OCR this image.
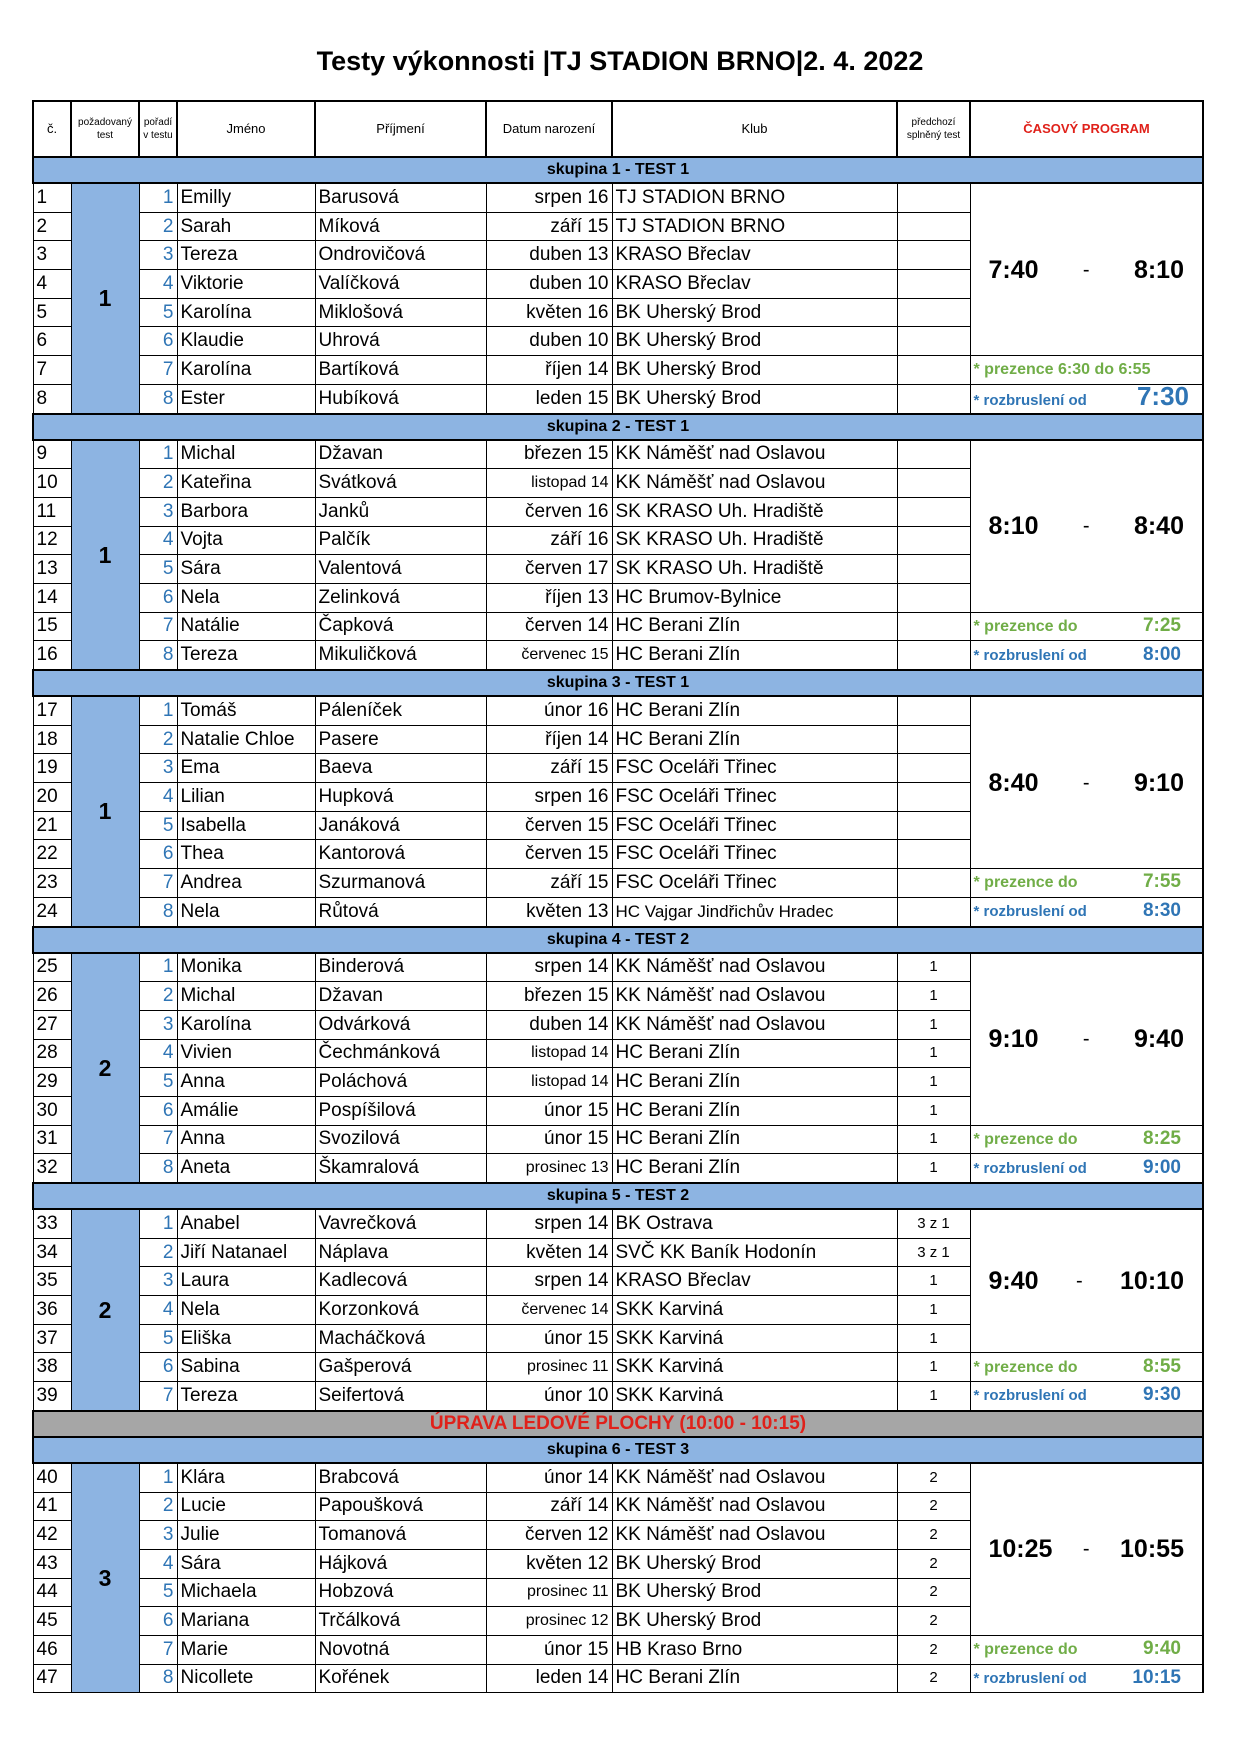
Testy výkonnosti |TJ STADION BRNO|2. 4. 2022
č.	požadovaný test	pořadí v testu	Jméno	Příjmení	Datum narození	Klub	předchozí splněný test	ČASOVÝ PROGRAM
skupina 1 - TEST 1								
1	1	1	Emilly	Barusová	srpen 16	TJ STADION BRNO		7:40 - 8:10

2		2	Sarah	Míková	září 15	TJ STADION BRNO		
3		3	Tereza	Ondrovičová	duben 13	KRASO Břeclav		
4		4	Viktorie	Valíčková	duben 10	KRASO Břeclav		
5		5	Karolína	Miklošová	květen 16	BK Uherský Brod		
6		6	Klaudie	Uhrová	duben 10	BK Uherský Brod		
7		7	Karolína	Bartíková	říjen 14	BK Uherský Brod		* prezence 6:30 do 6:55

8		8	Ester	Hubíková	leden 15	BK Uherský Brod		* rozbruslení od 7:30

skupina 2 - TEST 1								
9	1	1	Michal	Džavan	březen 15	KK Náměšť nad Oslavou		8:10 - 8:40

10		2	Kateřina	Svátková	listopad 14	KK Náměšť nad Oslavou		
11		3	Barbora	Janků	červen 16	SK KRASO Uh. Hradiště		
12		4	Vojta	Palčík	září 16	SK KRASO Uh. Hradiště		
13		5	Sára	Valentová	červen 17	SK KRASO Uh. Hradiště		
14		6	Nela	Zelinková	říjen 13	HC Brumov-Bylnice		
15		7	Natálie	Čapková	červen 14	HC Berani Zlín		* prezence do 7:25

16		8	Tereza	Mikuličková	červenec 15	HC Berani Zlín		* rozbruslení od 8:00

skupina 3 - TEST 1								
17	1	1	Tomáš	Páleníček	únor 16	HC Berani Zlín		8:40 - 9:10

18		2	Natalie Chloe	Pasere	říjen 14	HC Berani Zlín		
19		3	Ema	Baeva	září 15	FSC Oceláři Třinec		
20		4	Lilian	Hupková	srpen 16	FSC Oceláři Třinec		
21		5	Isabella	Janáková	červen 15	FSC Oceláři Třinec		
22		6	Thea	Kantorová	červen 15	FSC Oceláři Třinec		
23		7	Andrea	Szurmanová	září 15	FSC Oceláři Třinec		* prezence do 7:55

24		8	Nela	Růtová	květen 13	HC Vajgar Jindřichův Hradec		* rozbruslení od 8:30

skupina 4 - TEST 2								
25	2	1	Monika	Binderová	srpen 14	KK Náměšť nad Oslavou	1	9:10 - 9:40

26		2	Michal	Džavan	březen 15	KK Náměšť nad Oslavou	1	
27		3	Karolína	Odvárková	duben 14	KK Náměšť nad Oslavou	1	
28		4	Vivien	Čechmánková	listopad 14	HC Berani Zlín	1	
29		5	Anna	Poláchová	listopad 14	HC Berani Zlín	1	
30		6	Amálie	Pospíšilová	únor 15	HC Berani Zlín	1	
31		7	Anna	Svozilová	únor 15	HC Berani Zlín	1	* prezence do 8:25

32		8	Aneta	Škamralová	prosinec 13	HC Berani Zlín	1	* rozbruslení od 9:00

skupina 5 - TEST 2								
33	2	1	Anabel	Vavrečková	srpen 14	BK Ostrava	3 z 1	9:40 - 10:10

34		2	Jiří Natanael	Náplava	květen 14	SVČ KK Baník Hodonín	3 z 1	
35		3	Laura	Kadlecová	srpen 14	KRASO Břeclav	1	
36		4	Nela	Korzonková	červenec 14	SKK Karviná	1	
37		5	Eliška	Macháčková	únor 15	SKK Karviná	1	
38		6	Sabina	Gašperová	prosinec 11	SKK Karviná	1	* prezence do 8:55

39		7	Tereza	Seifertová	únor 10	SKK Karviná	1	* rozbruslení od 9:30

ÚPRAVA LEDOVÉ PLOCHY (10:00 - 10:15)								
skupina 6 - TEST 3								
40	3	1	Klára	Brabcová	únor 14	KK Náměšť nad Oslavou	2	10:25 - 10:55

41		2	Lucie	Papoušková	září 14	KK Náměšť nad Oslavou	2	
42		3	Julie	Tomanová	červen 12	KK Náměšť nad Oslavou	2	
43		4	Sára	Hájková	květen 12	BK Uherský Brod	2	
44		5	Michaela	Hobzová	prosinec 11	BK Uherský Brod	2	
45		6	Mariana	Trčálková	prosinec 12	BK Uherský Brod	2	
46		7	Marie	Novotná	únor 15	HB Kraso Brno	2	* prezence do 9:40

47		8	Nicollete	Kořének	leden 14	HC Berani Zlín	2	* rozbruslení od 10:15
